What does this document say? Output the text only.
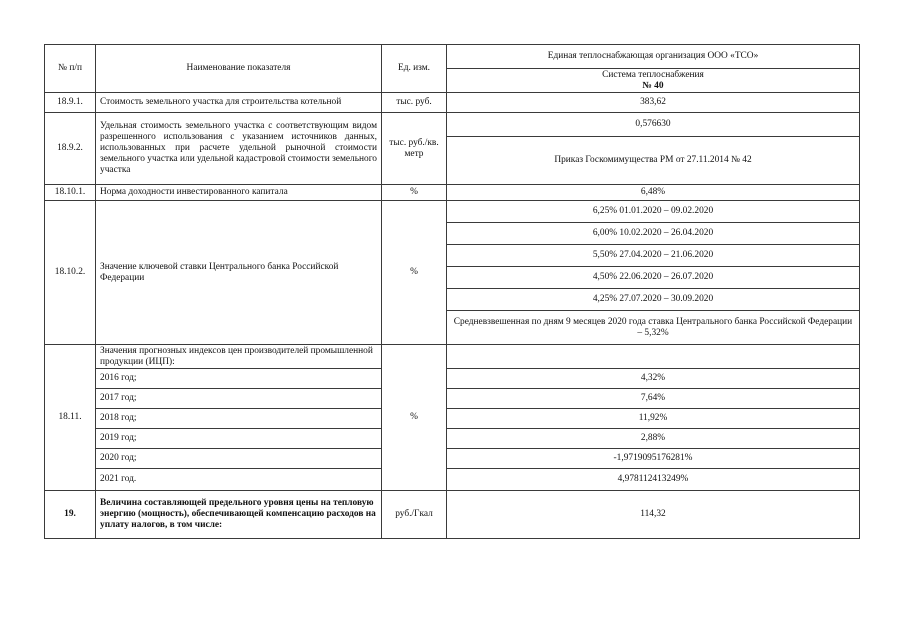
№ п/п	Наименование показателя	Ед. изм.	Единая теплоснабжающая организация ООО «ТСО»

			Система теплоснабжения
№ 40

18.9.1.	Стоимость земельного участка для строительства котельной	тыс. руб.	383,62
18.9.2.	Удельная стоимость земельного участка с соответствующим видом разрешенного использования с указанием источников данных, использованных при расчете удельной рыночной стоимости земельного участка или удельной кадастровой стоимости земельного участка	тыс. руб./кв. метр	0,576630
			Приказ Госкомимущества РМ от 27.11.2014 № 42
18.10.1.	Норма доходности инвестированного капитала	%	6,48%
18.10.2.	Значение ключевой ставки Центрального банка Российской Федерации	%	6,25% 01.01.2020 – 09.02.2020
			6,00% 10.02.2020 – 26.04.2020
			5,50% 27.04.2020 – 21.06.2020
			4,50% 22.06.2020 – 26.07.2020
			4,25% 27.07.2020 – 30.09.2020
			Средневзвешенная по дням 9 месяцев 2020 года ставка Центрального банка Российской Федерации – 5,32%
18.11.	Значения прогнозных индексов цен производителей промышленной продукции (ИЦП):	%	
	2016 год;		4,32%
	2017 год;		7,64%
	2018 год;		11,92%
	2019 год;		2,88%
	2020 год;		-1,9719095176281%
	2021 год.		4,978112413249%
19.	Величина составляющей предельного уровня цены на тепловую энергию (мощность), обеспечивающей компенсацию расходов на уплату налогов, в том числе:	руб./Гкал	114,32
